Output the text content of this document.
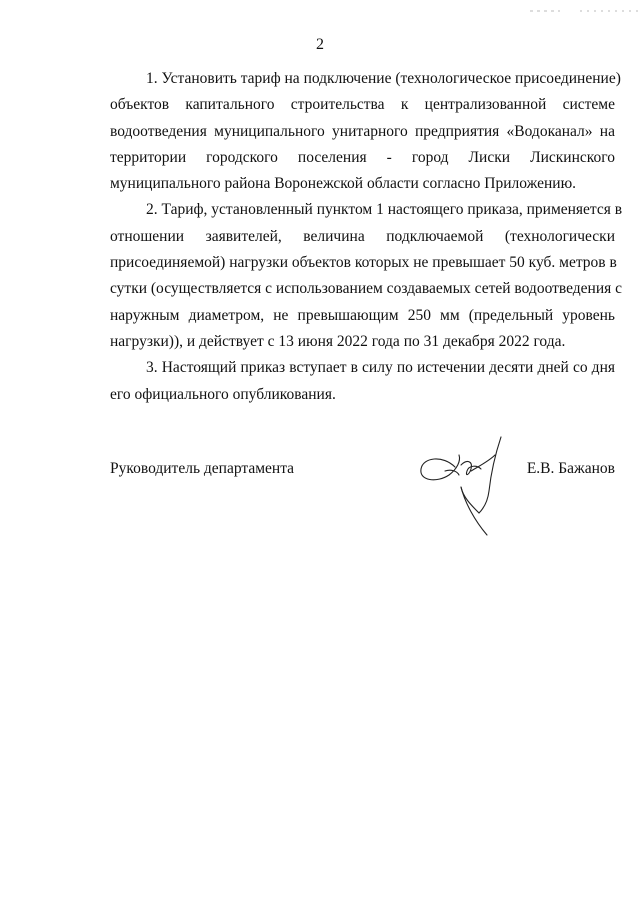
2

1. Установить тариф на подключение (технологическое присоединение)
объектов капитального строительства к централизованной системе
водоотведения муниципального унитарного предприятия «Водоканал» на
территории городского поселения - город Лиски Лискинского
муниципального района Воронежской области согласно Приложению.

2. Тариф, установленный пунктом 1 настоящего приказа, применяется в
отношении заявителей, величина подключаемой (технологически
присоединяемой) нагрузки объектов которых не превышает 50 куб. метров в
сутки (осуществляется с использованием создаваемых сетей водоотведения с
наружным диаметром, не превышающим 250 мм (предельный уровень
нагрузки)), и действует с 13 июня 2022 года по 31 декабря 2022 года.

3. Настоящий приказ вступает в силу по истечении десяти дней со дня
его официального опубликования.

Руководитель департамента	Е.В. Бажанов
